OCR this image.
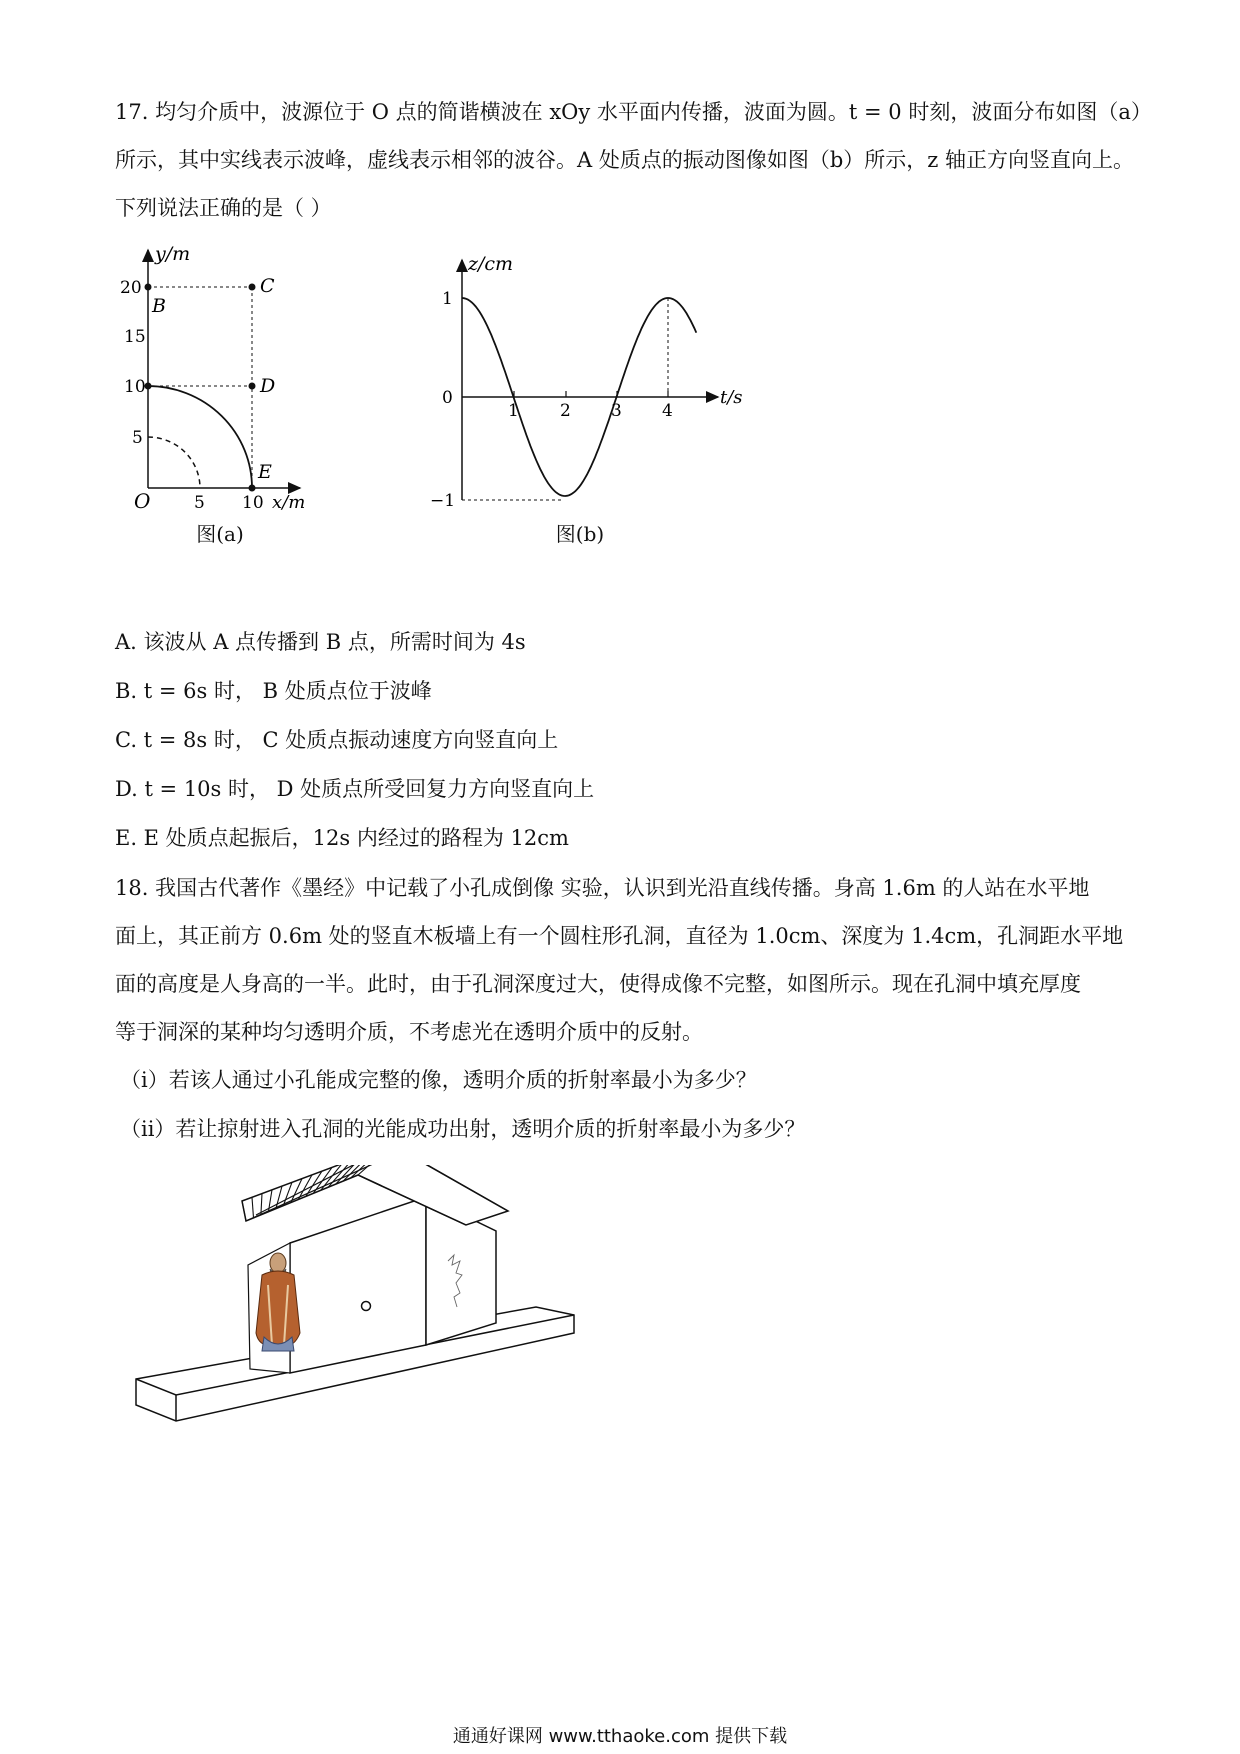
17. 均匀介质中，波源位于 O 点的简谐横波在 xOy 水平面内传播，波面为圆。t = 0 时刻，波面分布如图（a）
所示，其中实线表示波峰，虚线表示相邻的波谷。A 处质点的振动图像如图（b）所示，z 轴正方向竖直向上。
下列说法正确的是（ ）
y/m
20
15
10
5
B
C
D
E
O	5 10 x/m
图(a)
z/cm
1
0
−1
1 2 3 4
t/s
图(b)
A. 该波从 A 点传播到 B 点，所需时间为 4s
B. t = 6s 时， B 处质点位于波峰
C. t = 8s 时， C 处质点振动速度方向竖直向上
D. t = 10s 时， D 处质点所受回复力方向竖直向上
E. E 处质点起振后，12s 内经过的路程为 12cm
18. 我国古代著作《墨经》中记载了小孔成倒像 实验，认识到光沿直线传播。身高 1.6m 的人站在水平地
面上，其正前方 0.6m 处的竖直木板墙上有一个圆柱形孔洞，直径为 1.0cm、深度为 1.4cm，孔洞距水平地
面的高度是人身高的一半。此时，由于孔洞深度过大，使得成像不完整，如图所示。现在孔洞中填充厚度
等于洞深的某种均匀透明介质，不考虑光在透明介质中的反射。
（i）若该人通过小孔能成完整的像，透明介质的折射率最小为多少？
（ii）若让掠射进入孔洞的光能成功出射，透明介质的折射率最小为多少？
通通好课网 www.tthaoke.com 提供下载
